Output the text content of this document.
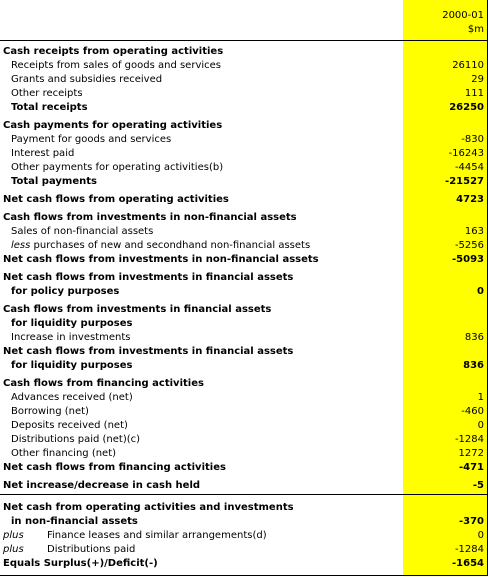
2000-01
$m
Cash receipts from operating activities
Receipts from sales of goods and services	26110
Grants and subsidies received	29
Other receipts	111
Total receipts	26250
Cash payments for operating activities
Payment for goods and services	-830
Interest paid	-16243
Other payments for operating activities(b)	-4454
Total payments	-21527
Net cash flows from operating activities	4723
Cash flows from investments in non-financial assets
Sales of non-financial assets	163
less purchases of new and secondhand non-financial assets	-5256
Net cash flows from investments in non-financial assets	-5093
Net cash flows from investments in financial assets
for policy purposes	0
Cash flows from investments in financial assets
for liquidity purposes
Increase in investments	836
Net cash flows from investments in financial assets
for liquidity purposes	836
Cash flows from financing activities
Advances received (net)	1
Borrowing (net)	-460
Deposits received (net)	0
Distributions paid (net)(c)	-1284
Other financing (net)	1272
Net cash flows from financing activities	-471
Net increase/decrease in cash held	-5
Net cash from operating activities and investments
in non-financial assets	-370
plus Finance leases and similar arrangements(d)	0
plus Distributions paid	-1284
Equals Surplus(+)/Deficit(-)	-1654
